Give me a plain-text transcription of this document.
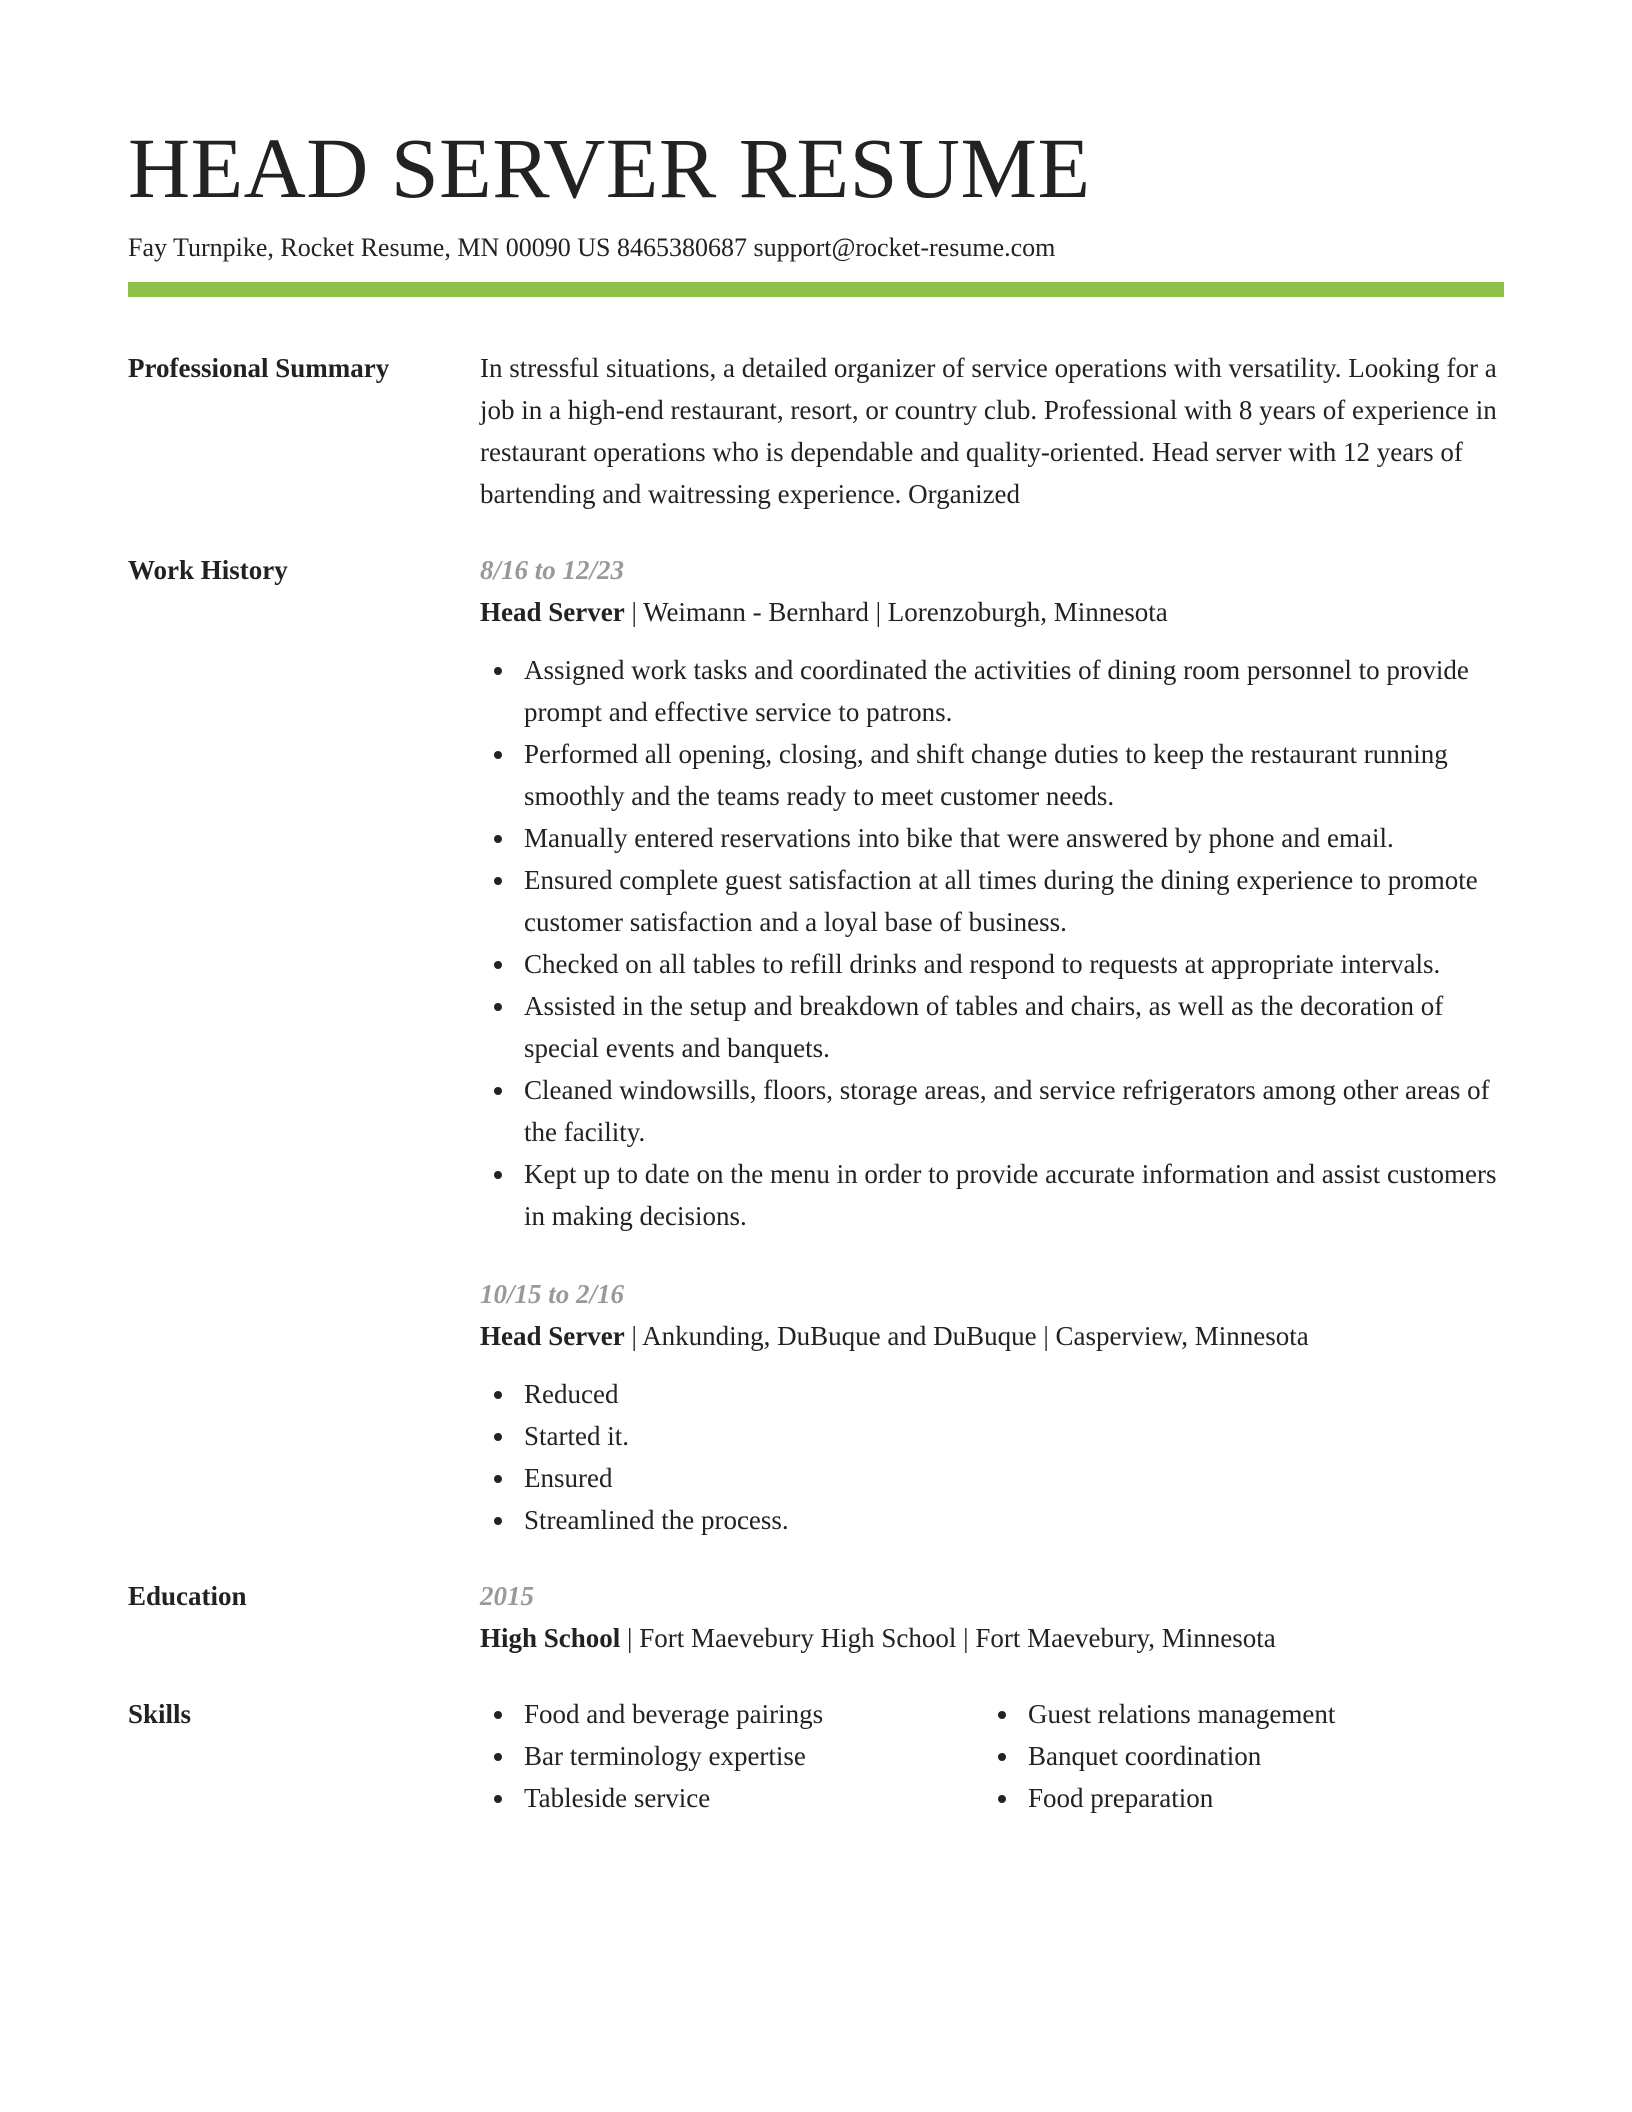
HEAD SERVER RESUME
Fay Turnpike, Rocket Resume, MN 00090 US 8465380687 support@rocket-resume.com
Professional Summary	In stressful situations, a detailed organizer of service operations with versatility. Looking for a job in a high-end restaurant, resort, or country club. Professional with 8 years of experience in restaurant operations who is dependable and quality-oriented. Head server with 12 years of bartending and waitressing experience. Organized
Work History	8/16 to 12/23
Head Server | Weimann - Bernhard | Lorenzoburgh, Minnesota
Assigned work tasks and coordinated the activities of dining room personnel to provide prompt and effective service to patrons.
Performed all opening, closing, and shift change duties to keep the restaurant running smoothly and the teams ready to meet customer needs.
Manually entered reservations into bike that were answered by phone and email.
Ensured complete guest satisfaction at all times during the dining experience to promote customer satisfaction and a loyal base of business.
Checked on all tables to refill drinks and respond to requests at appropriate intervals.
Assisted in the setup and breakdown of tables and chairs, as well as the decoration of special events and banquets.
Cleaned windowsills, floors, storage areas, and service refrigerators among other areas of the facility.
Kept up to date on the menu in order to provide accurate information and assist customers in making decisions.
10/15 to 2/16
Head Server | Ankunding, DuBuque and DuBuque | Casperview, Minnesota
Reduced
Started it.
Ensured
Streamlined the process.
Education	2015
High School | Fort Maevebury High School | Fort Maevebury, Minnesota
Skills	Food and beverage pairings
Bar terminology expertise
Tableside service
Guest relations management
Banquet coordination
Food preparation
